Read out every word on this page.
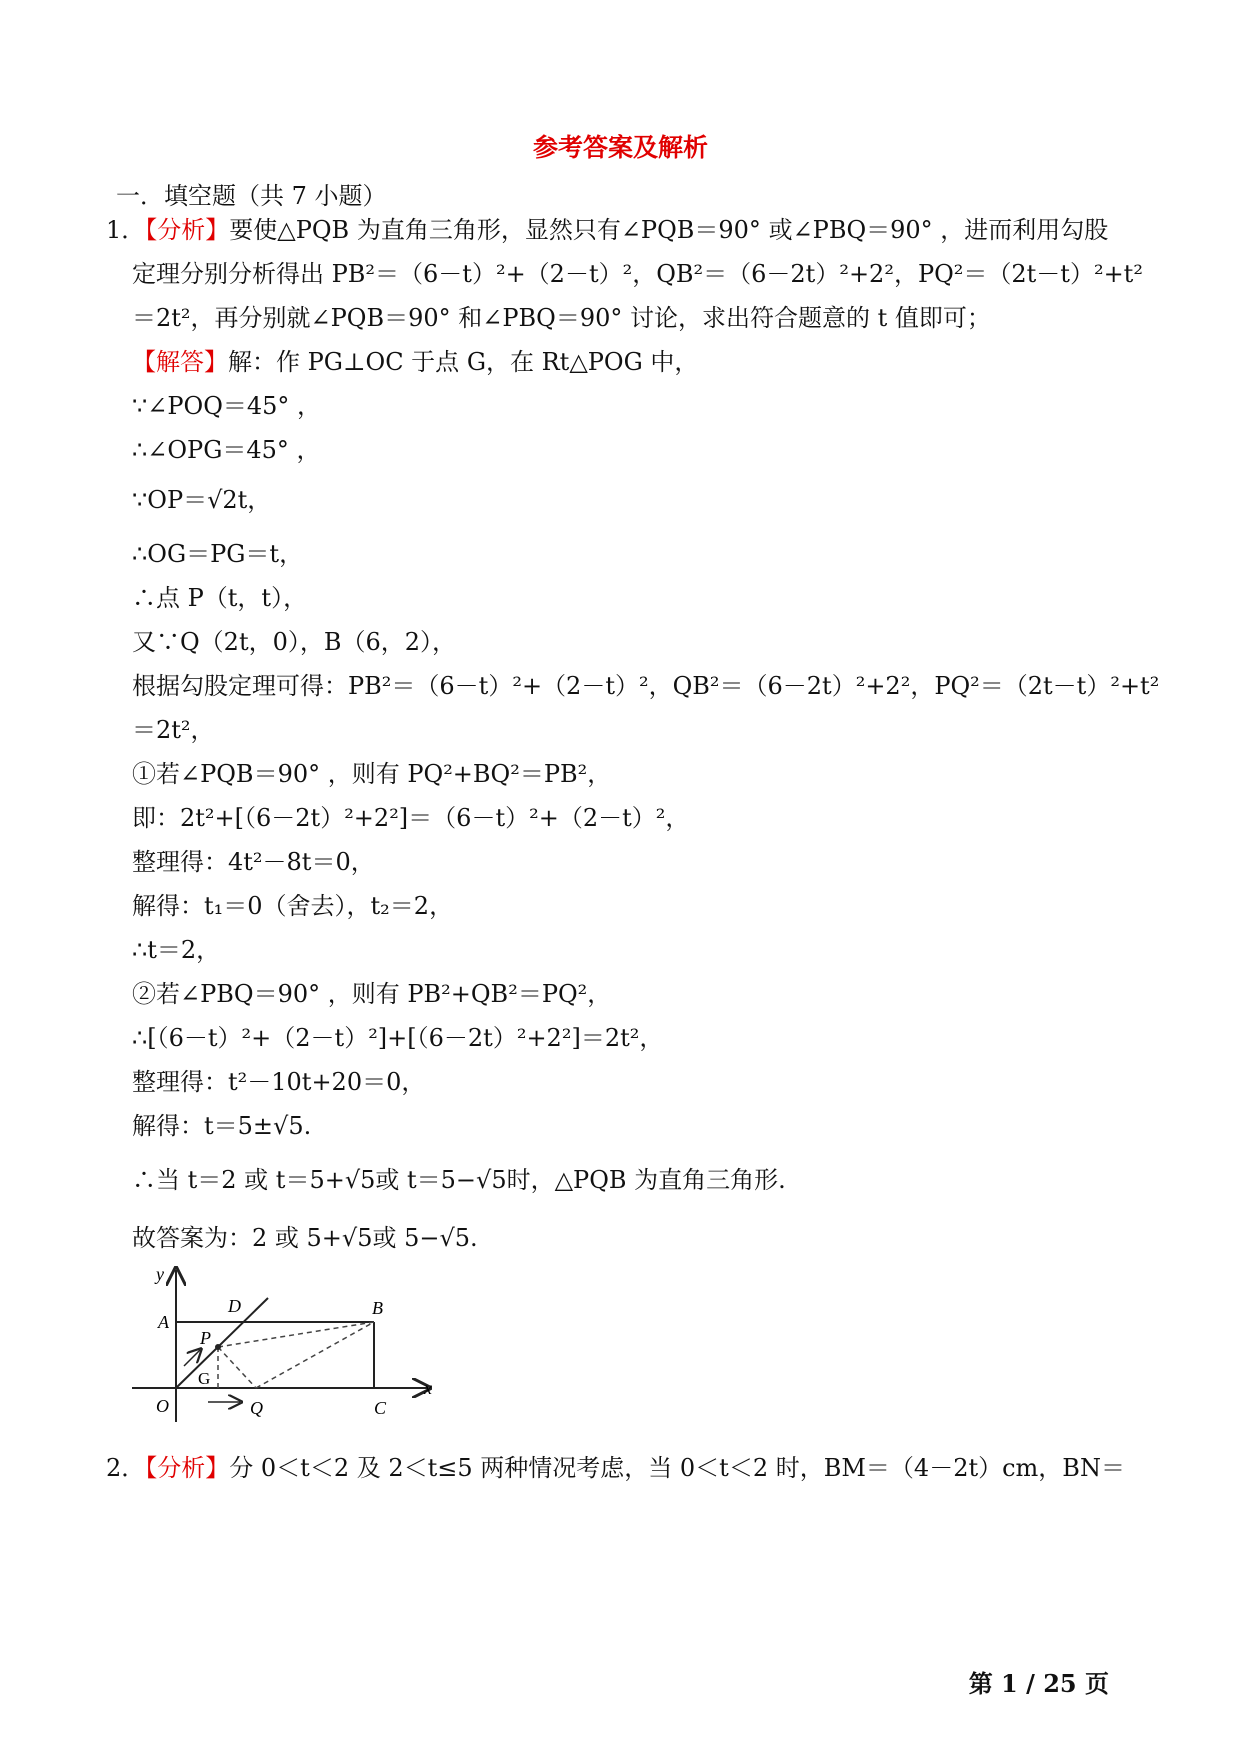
参考答案及解析
一．填空题（共 7 小题）
1．【分析】要使△PQB 为直角三角形，显然只有∠PQB＝90° 或∠PBQ＝90° ，进而利用勾股
定理分别分析得出 PB²＝（6－t）²+（2－t）²，QB²＝（6－2t）²+2²，PQ²＝（2t－t）²+t²
＝2t²，再分别就∠PQB＝90° 和∠PBQ＝90° 讨论，求出符合题意的 t 值即可；
【解答】解：作 PG⊥OC 于点 G，在 Rt△POG 中，
∵∠POQ＝45° ，
∴∠OPG＝45° ，
∵OP＝√2t，
∴OG＝PG＝t，
∴点 P（t，t），
又∵Q（2t，0），B（6，2），
根据勾股定理可得：PB²＝（6－t）²+（2－t）²，QB²＝（6－2t）²+2²，PQ²＝（2t－t）²+t²
＝2t²，
①若∠PQB＝90° ，则有 PQ²+BQ²＝PB²，
即：2t²+[（6－2t）²+2²]＝（6－t）²+（2－t）²，
整理得：4t²－8t＝0，
解得：t₁＝0（舍去），t₂＝2，
∴t＝2，
②若∠PBQ＝90° ，则有 PB²+QB²＝PQ²，
∴[（6－t）²+（2－t）²]+[（6－2t）²+2²]＝2t²，
整理得：t²－10t+20＝0，
解得：t＝5±√5.
∴当 t＝2 或 t＝5+√5或 t＝5−√5时，△PQB 为直角三角形.
故答案为：2 或 5+√5或 5−√5.
y
x
A
D	B
P
G
O	Q	C
2．【分析】分 0＜t＜2 及 2＜t≤5 两种情况考虑，当 0＜t＜2 时，BM＝（4－2t）cm，BN＝
第 1 / 25 页
